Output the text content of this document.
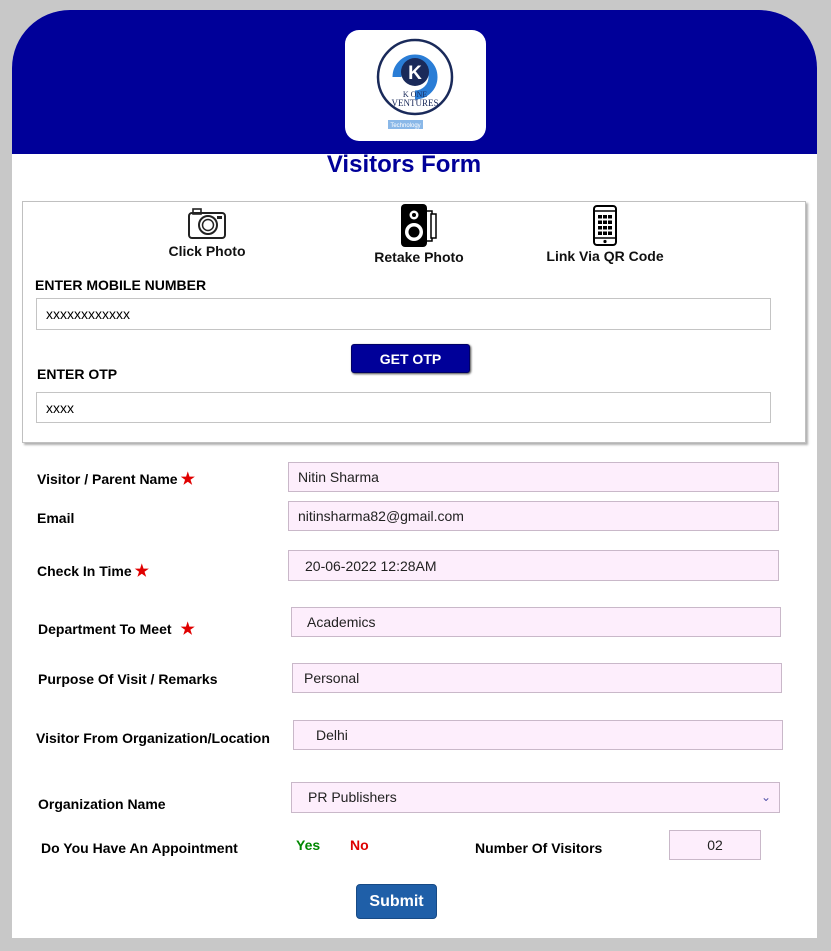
K
K ONE
VENTURES
Technology
Visitors Form
Click Photo	Retake Photo	Link Via QR Code
ENTER MOBILE NUMBER
xxxxxxxxxxxx
GET OTP
ENTER OTP
xxxx
Visitor / Parent Name ★
Nitin Sharma
Email
nitinsharma82@gmail.com
Check In Time ★
20-06-2022 12:28AM
Department To Meet ★
Academics
Purpose Of Visit / Remarks
Personal
Visitor From Organization/Location
Delhi
Organization Name	PR Publishers	⌄
Do You Have An Appointment	Yes No	Number Of Visitors
02
Submit
